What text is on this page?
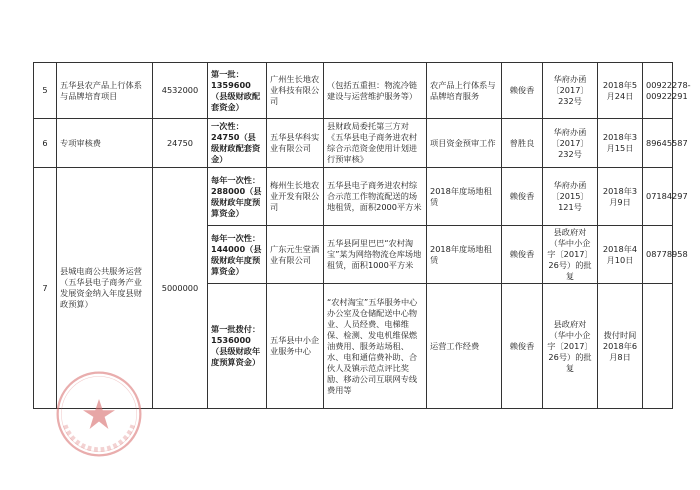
5	五华县农产品上行体系与品牌培育项目	4532000	第一批：1359600（县级财政配套资金）	广州生长地农业科技有限公司	（包括五重担：物流冷链建设与运营维护服务等）	农产品上行体系与品牌培育服务	赖俊香	华府办函〔2017〕232号	2018年5月24日	00922278-00922291
6	专项审核费	24750	一次性：24750（县级财政配套资金）	五华县华科实业有限公司	县财政局委托第三方对《五华县电子商务进农村综合示范资金使用计划进行预审核》	项目资金预审工作	曾胜良	华府办函〔2017〕232号	2018年3月15日	89645587
7	县城电商公共服务运营（五华县电子商务产业发展资金纳入年度县财政预算）	5000000	每年一次性：288000（县级财政年度预算资金）	梅州生长地农业开发有限公司	五华县电子商务进农村综合示范工作物流配送的场地租赁，面积2000平方米	2018年度场地租赁	赖俊香	华府办函〔2015〕121号	2018年3月9日	07184297
			每年一次性：144000（县级财政年度预算资金）	广东元生堂酒业有限公司	五华县阿里巴巴“农村淘宝”某为网络物流仓库场地租赁，面积1000平方米	2018年度场地租赁	赖俊香	县政府对（华中小企字〔2017〕26号）的批复	2018年4月10日	08778958
			第一批拨付：1536000（县级财政年度预算资金）	五华县中小企业服务中心	“农村淘宝”五华服务中心办公室及仓储配送中心物业、人员经费、电梯维保、检测、发电机维保燃油费用、服务站场租、水、电和通信费补助、合伙人及镇示范点评比奖励、移动公司互联网专线费用等	运营工作经费	赖俊香	县政府对（华中小企字〔2017〕26号）的批复	拨付时间2018年6月8日	
